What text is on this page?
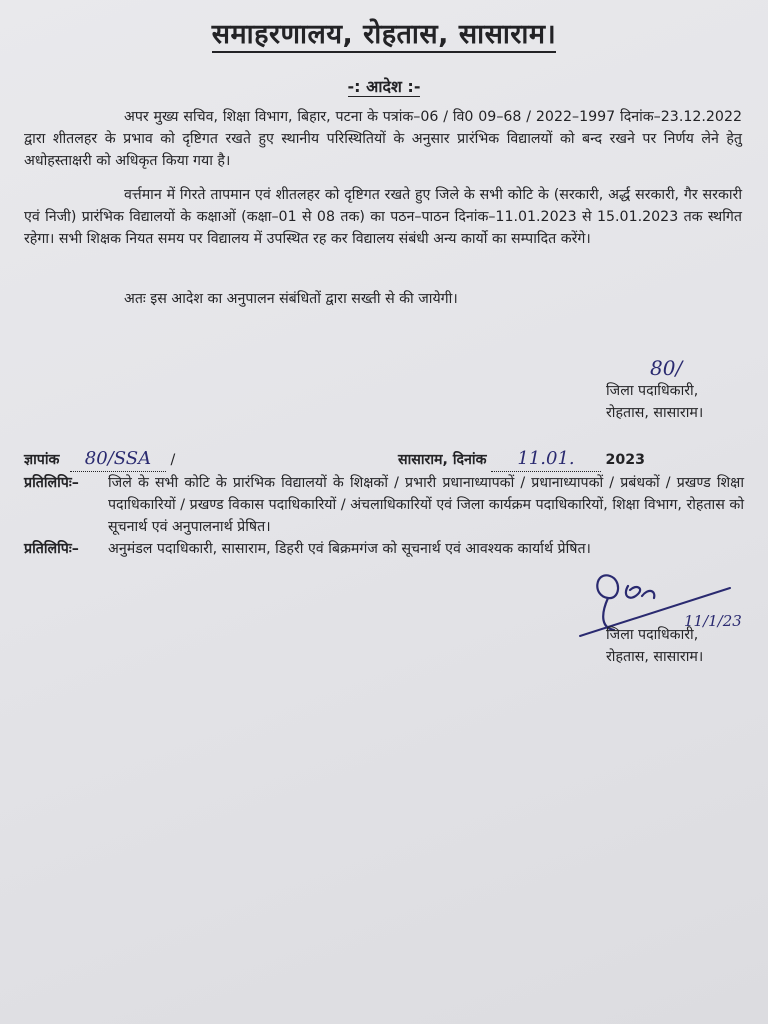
समाहरणालय, रोहतास, सासाराम।
-: आदेश :-

अपर मुख्य सचिव, शिक्षा विभाग, बिहार, पटना के पत्रांक–06 / वि0 09–68 / 2022–1997 दिनांक–23.12.2022 द्वारा शीतलहर के प्रभाव को दृष्टिगत रखते हुए स्थानीय परिस्थितियों के अनुसार प्रारंभिक विद्यालयों को बन्द रखने पर निर्णय लेने हेतु अधोहस्ताक्षरी को अधिकृत किया गया है।

वर्त्तमान में गिरते तापमान एवं शीतलहर को दृष्टिगत रखते हुए जिले के सभी कोटि के (सरकारी, अर्द्ध सरकारी, गैर सरकारी एवं निजी) प्रारंभिक विद्यालयों के कक्षाओं (कक्षा–01 से 08 तक) का पठन–पाठन दिनांक–11.01.2023 से 15.01.2023 तक स्थगित रहेगा। सभी शिक्षक नियत समय पर विद्यालय में उपस्थित रह कर विद्यालय संबंधी अन्य कार्यो का सम्पादित करेंगे।

अतः इस आदेश का अनुपालन संबंधितों द्वारा सख्ती से की जायेगी।

80/
जिला पदाधिकारी,
रोहतास, सासाराम।
ज्ञापांक 80/SSA /	सासाराम, दिनांक 11.01. 2023
प्रतिलिपिः– जिले के सभी कोटि के प्रारंभिक विद्यालयों के शिक्षकों / प्रभारी प्रधानाध्यापकों / प्रधानाध्यापकों / प्रबंधकों / प्रखण्ड शिक्षा पदाधिकारियों / प्रखण्ड विकास पदाधिकारियों / अंचलाधिकारियों एवं जिला कार्यक्रम पदाधिकारियों, शिक्षा विभाग, रोहतास को सूचनार्थ एवं अनुपालनार्थ प्रेषित।

प्रतिलिपिः– अनुमंडल पदाधिकारी, सासाराम, डिहरी एवं बिक्रमगंज को सूचनार्थ एवं आवश्यक कार्यार्थ प्रेषित।

11/1/23
जिला पदाधिकारी,
रोहतास, सासाराम।
